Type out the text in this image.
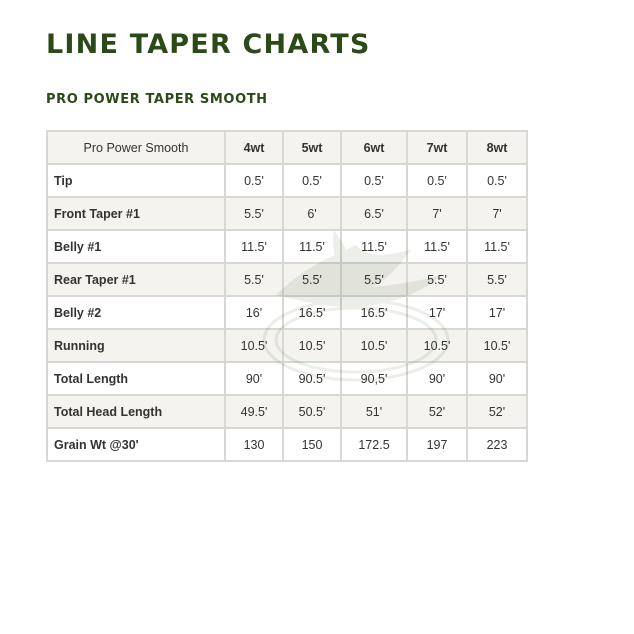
LINE TAPER CHARTS
PRO POWER TAPER SMOOTH
Pro Power Smooth	4wt	5wt	6wt	7wt	8wt
Tip	0.5'	0.5'	0.5'	0.5'	0.5'
Front Taper #1	5.5'	6'	6.5'	7'	7'
Belly #1	11.5'	11.5'	11.5'	11.5'	11.5'
Rear Taper #1	5.5'	5.5'	5.5'	5.5'	5.5'
Belly #2	16'	16.5'	16.5'	17'	17'
Running	10.5'	10.5'	10.5'	10.5'	10.5'
Total Length	90'	90.5'	90,5'	90'	90'
Total Head Length	49.5'	50.5'	51'	52'	52'
Grain Wt @30'	130	150	172.5	197	223
